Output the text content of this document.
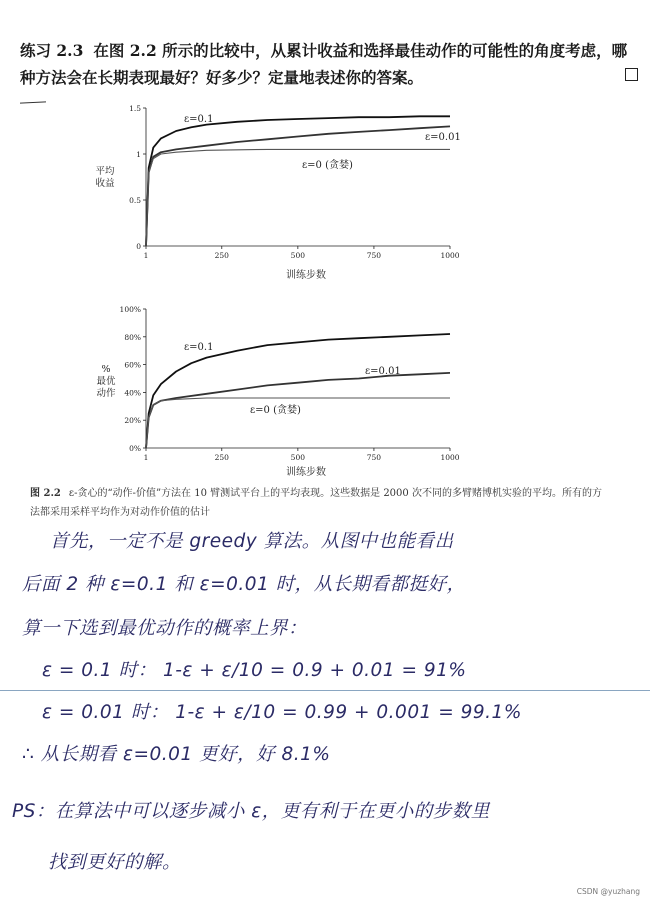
练习 2.3 在图 2.2 所示的比较中，从累计收益和选择最佳动作的可能性的角度考虑，哪种方法会在长期表现最好？好多少？定量地表述你的答案。
平均
收益
0
0.5
1
1.5
1	250	500	750	1000
训练步数
ε=0.1
ε=0.01
ε=0 (贪婪)
%
最优
动作
0%
20%
40%
60%
80%
100%
1	250	500	750	1000
训练步数
ε=0.1
ε=0.01
ε=0 (贪婪)
图 2.2 ε-贪心的“动作-价值”方法在 10 臂测试平台上的平均表现。这些数据是 2000 次不同的多臂赌博机实验的平均。所有的方法都采用采样平均作为对动作价值的估计
首先，一定不是 greedy 算法。从图中也能看出
后面 2 种 ε=0.1 和 ε=0.01 时，从长期看都挺好，
算一下选到最优动作的概率上界：
ε = 0.1 时： 1-ε + ε/10 = 0.9 + 0.01 = 91%
ε = 0.01 时： 1-ε + ε/10 = 0.99 + 0.001 = 99.1%
∴ 从长期看 ε=0.01 更好，好 8.1%
PS：在算法中可以逐步减小 ε，更有利于在更小的步数里
找到更好的解。
CSDN @yuzhang
